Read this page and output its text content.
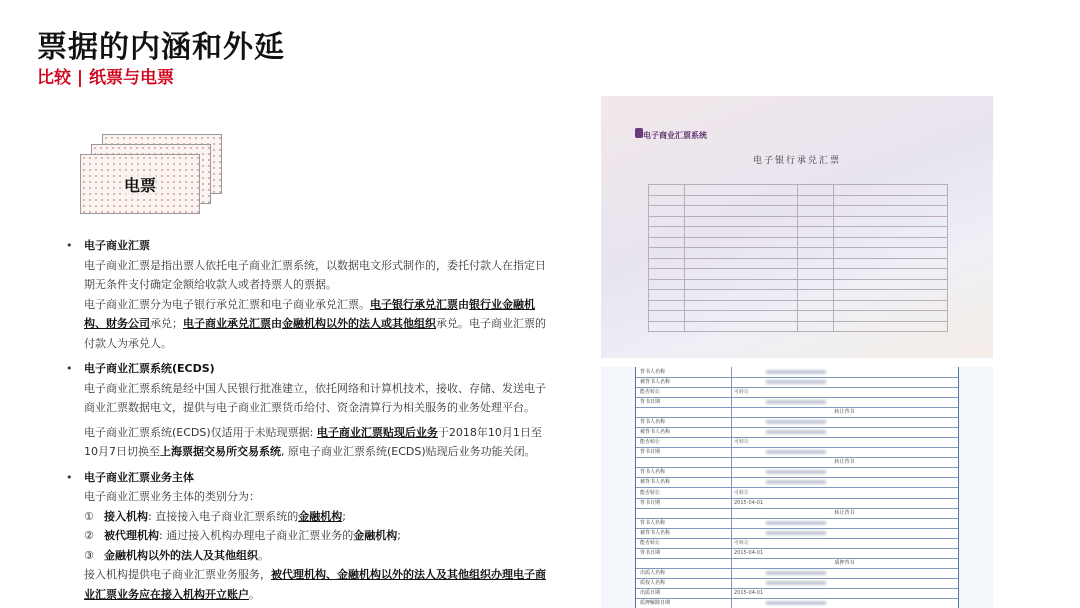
票据的内涵和外延
比较 | 纸票与电票
电票
• 电子商业汇票

电子商业汇票是指出票人依托电子商业汇票系统，以数据电文形式制作的，委托付款人在指定日期无条件支付确定金额给收款人或者持票人的票据。

电子商业汇票分为电子银行承兑汇票和电子商业承兑汇票。电子银行承兑汇票由银行业金融机构、财务公司承兑；电子商业承兑汇票由金融机构以外的法人或其他组织承兑。电子商业汇票的付款人为承兑人。

• 电子商业汇票系统(ECDS)

电子商业汇票系统是经中国人民银行批准建立，依托网络和计算机技术，接收、存储、发送电子商业汇票数据电文，提供与电子商业汇票货币给付、资金清算行为相关服务的业务处理平台。

电子商业汇票系统(ECDS)仅适用于未贴现票据: 电子商业汇票贴现后业务于2018年10月1日至10月7日切换至上海票据交易所交易系统, 原电子商业汇票系统(ECDS)贴现后业务功能关闭。

• 电子商业汇票业务主体

电子商业汇票业务主体的类别分为：

① 接入机构: 直接接入电子商业汇票系统的金融机构;
② 被代理机构: 通过接入机构办理电子商业汇票业务的金融机构;
③ 金融机构以外的法人及其他组织。

接入机构提供电子商业汇票业务服务，被代理机构、金融机构以外的法人及其他组织办理电子商业汇票业务应在接入机构开立账户。

电子商业汇票系统
电子银行承兑汇票

背书人名称
被背书人名称
能否转让	可转让
背书日期
转让背书
背书人名称
被背书人名称
能否转让	可转让
背书日期
转让背书
背书人名称
被背书人名称
能否转让	可转让
背书日期	2015-04-01
转让背书
背书人名称
被背书人名称
能否转让	可转让
背书日期	2015-04-01
质押背书
出质人名称
质权人名称
出质日期	2015-04-01
质押解除日期
